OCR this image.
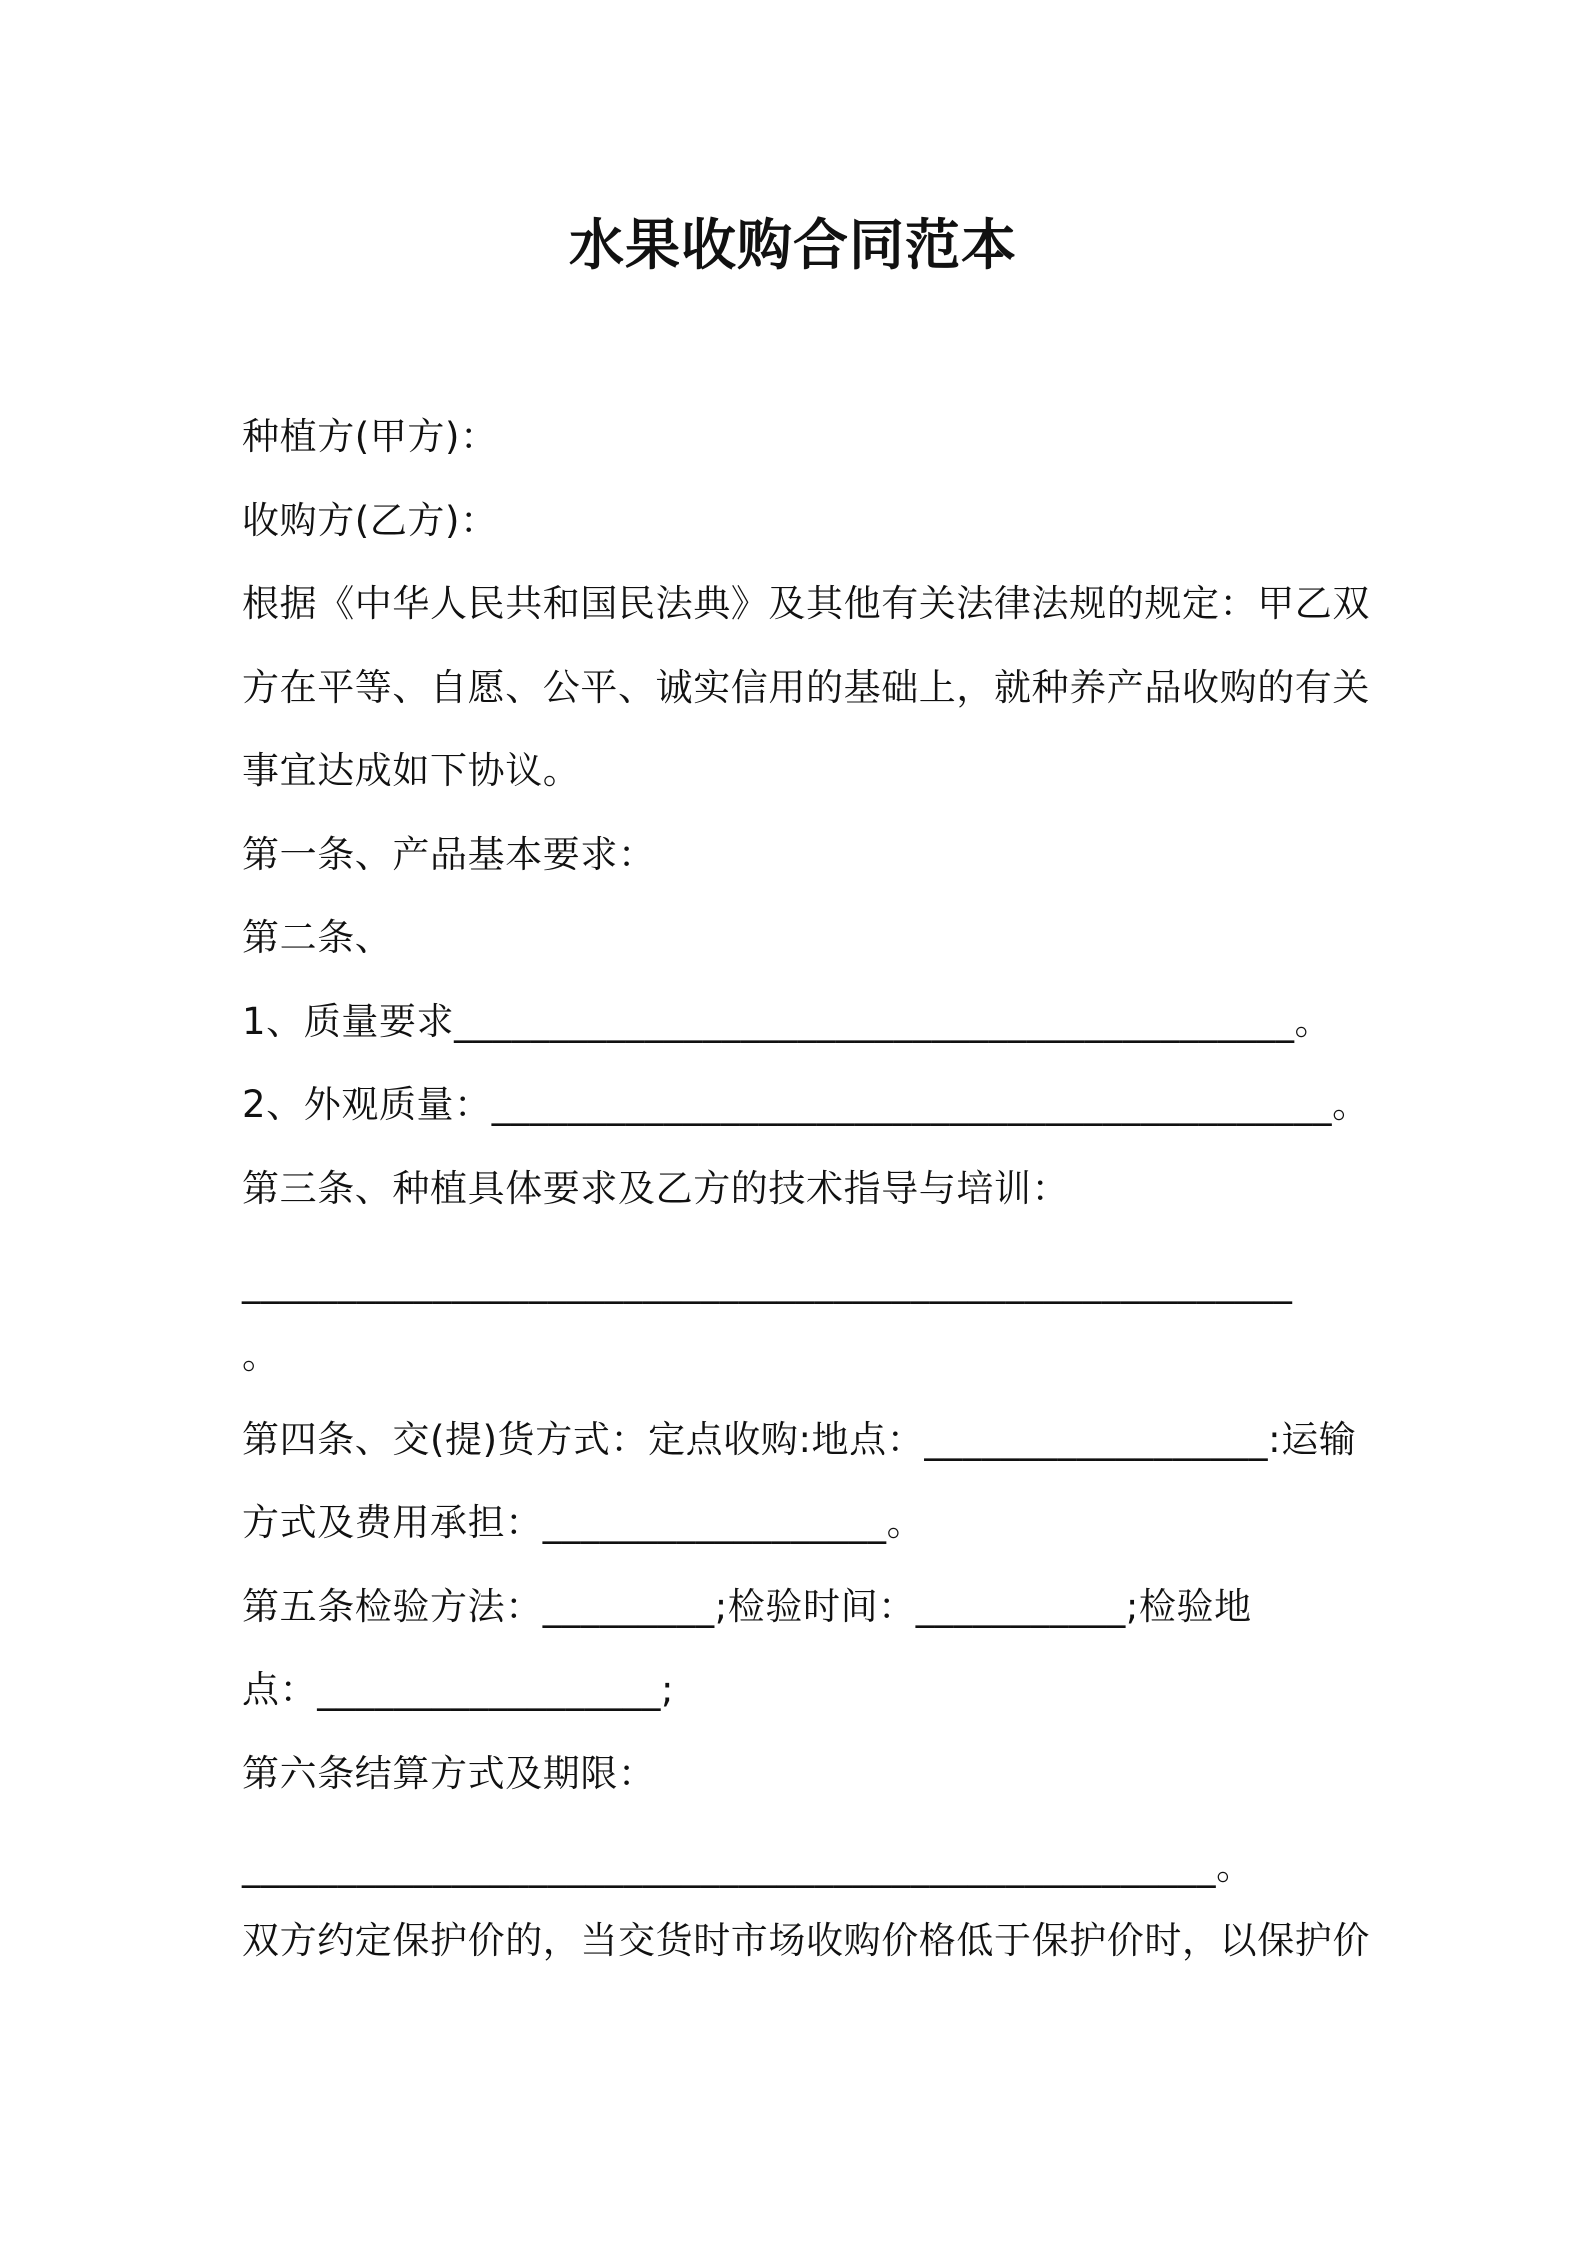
水果收购合同范本
种植方(甲方)：
收购方(乙方)：
根据《中华人民共和国民法典》及其他有关法律法规的规定：甲乙双
方在平等、自愿、公平、诚实信用的基础上，就种养产品收购的有关
事宜达成如下协议。
第一条、产品基本要求：
第二条、
1、质量要求____________________________________________。
2、外观质量：____________________________________________。
第三条、种植具体要求及乙方的技术指导与培训：
_______________________________________________________
。
第四条、交(提)货方式：定点收购:地点：__________________:运输
方式及费用承担：__________________。
第五条检验方法：_________;检验时间：___________;检验地
点：__________________;
第六条结算方式及期限：
___________________________________________________。
双方约定保护价的，当交货时市场收购价格低于保护价时，以保护价
